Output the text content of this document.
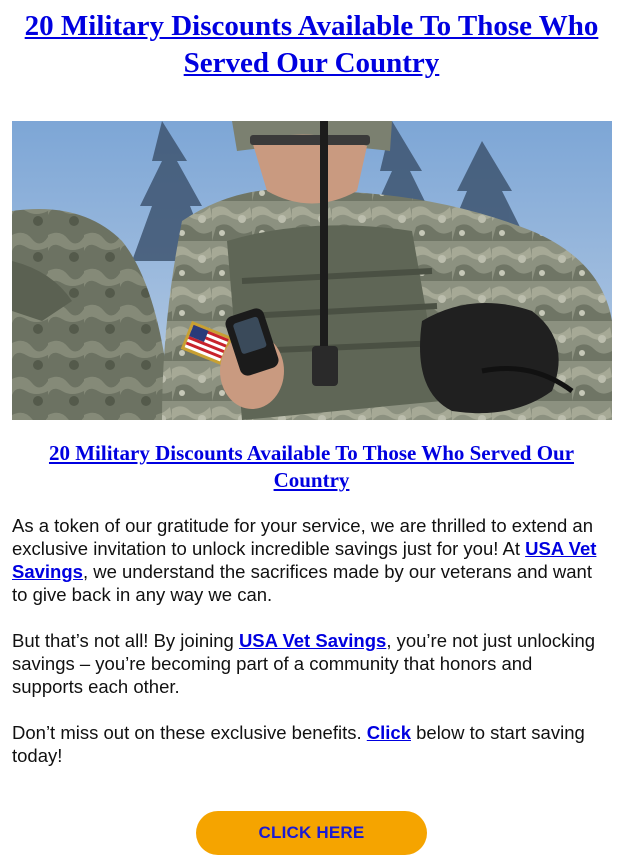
20 Military Discounts Available To Those Who Served Our Country
20 Military Discounts Available To Those Who Served Our Country

As a token of our gratitude for your service, we are thrilled to extend an exclusive invitation to unlock incredible savings just for you! At USA Vet Savings, we understand the sacrifices made by our veterans and want to give back in any way we can.

But that’s not all! By joining USA Vet Savings, you’re not just unlocking savings – you’re becoming part of a community that honors and supports each other.

Don’t miss out on these exclusive benefits. Click below to start saving today!

CLICK HERE
